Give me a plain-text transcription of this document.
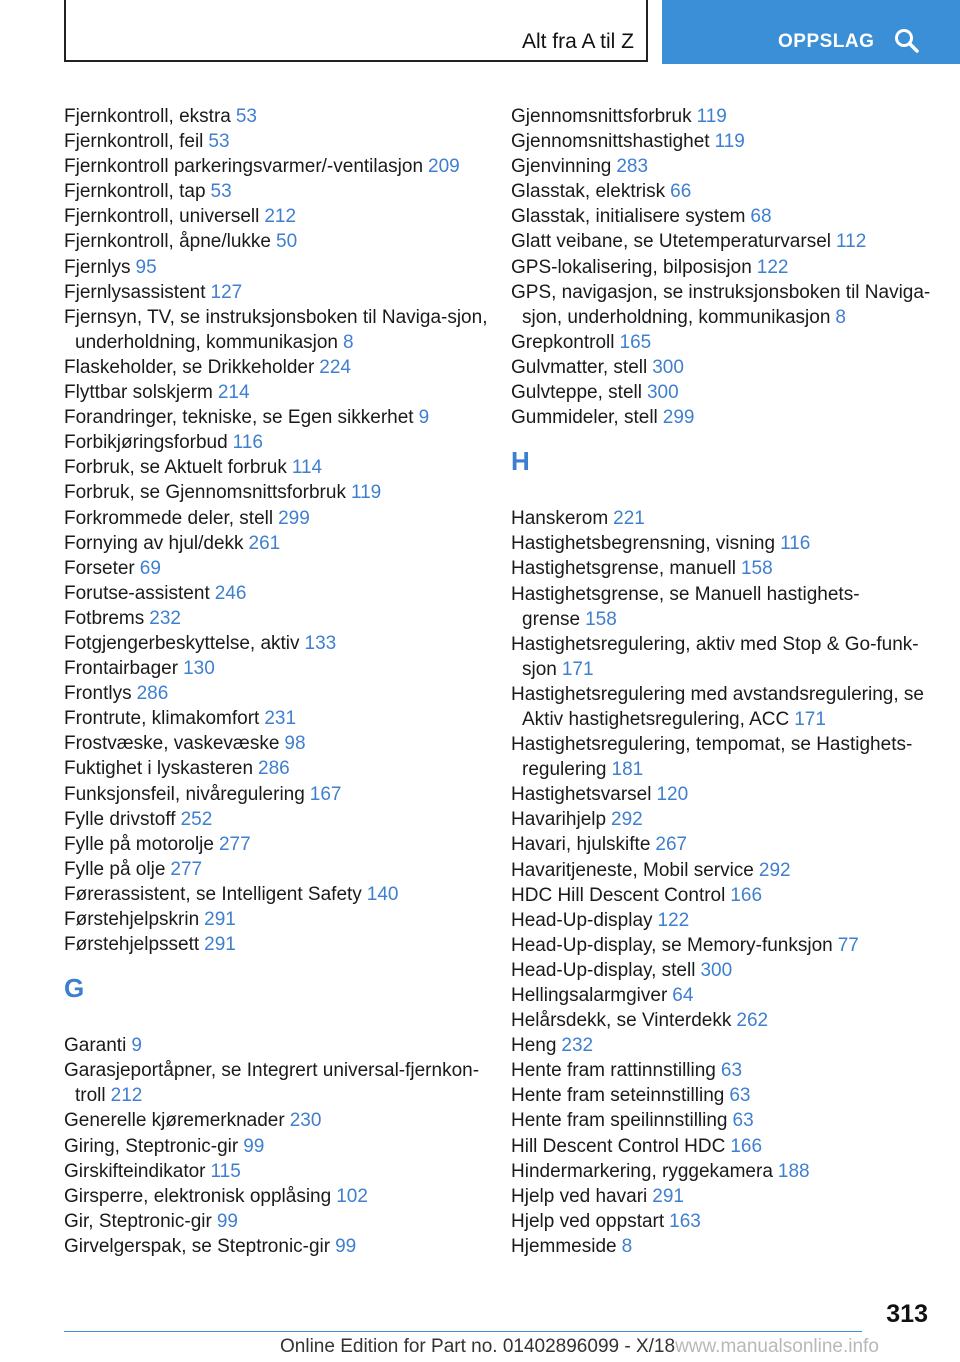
Alt fra A til Z	OPPSLAG
Fjernkontroll, ekstra 53
Fjernkontroll, feil 53
Fjernkontroll parkeringsvarmer/-ventilasjon 209
Fjernkontroll, tap 53
Fjernkontroll, universell 212
Fjernkontroll, åpne/lukke 50
Fjernlys 95
Fjernlysassistent 127
Fjernsyn, TV, se instruksjonsboken til Naviga-sjon, underholdning, kommunikasjon 8
Flaskeholder, se Drikkeholder 224
Flyttbar solskjerm 214
Forandringer, tekniske, se Egen sikkerhet 9
Forbikjøringsforbud 116
Forbruk, se Aktuelt forbruk 114
Forbruk, se Gjennomsnittsforbruk 119
Forkrommede deler, stell 299
Fornying av hjul/dekk 261
Forseter 69
Forutse-assistent 246
Fotbrems 232
Fotgjengerbeskyttelse, aktiv 133
Frontairbager 130
Frontlys 286
Frontrute, klimakomfort 231
Frostvæske, vaskevæske 98
Fuktighet i lyskasteren 286
Funksjonsfeil, nivåregulering 167
Fylle drivstoff 252
Fylle på motorolje 277
Fylle på olje 277
Førerassistent, se Intelligent Safety 140
Førstehjelpskrin 291
Førstehjelpssett 291
G
Garanti 9
Garasjeportåpner, se Integrert universal-fjernkon-troll 212
Generelle kjøremerknader 230
Giring, Steptronic-gir 99
Girskifteindikator 115
Girsperre, elektronisk opplåsing 102
Gir, Steptronic-gir 99
Girvelgerspak, se Steptronic-gir 99
Gjennomsnittsforbruk 119
Gjennomsnittshastighet 119
Gjenvinning 283
Glasstak, elektrisk 66
Glasstak, initialisere system 68
Glatt veibane, se Utetemperaturvarsel 112
GPS-lokalisering, bilposisjon 122
GPS, navigasjon, se instruksjonsboken til Naviga-sjon, underholdning, kommunikasjon 8
Grepkontroll 165
Gulvmatter, stell 300
Gulvteppe, stell 300
Gummideler, stell 299
H
Hanskerom 221
Hastighetsbegrensning, visning 116
Hastighetsgrense, manuell 158
Hastighetsgrense, se Manuell hastighets-grense 158
Hastighetsregulering, aktiv med Stop & Go-funk-sjon 171
Hastighetsregulering med avstandsregulering, se Aktiv hastighetsregulering, ACC 171
Hastighetsregulering, tempomat, se Hastighets-regulering 181
Hastighetsvarsel 120
Havarihjelp 292
Havari, hjulskifte 267
Havaritjeneste, Mobil service 292
HDC Hill Descent Control 166
Head-Up-display 122
Head-Up-display, se Memory-funksjon 77
Head-Up-display, stell 300
Hellingsalarmgiver 64
Helårsdekk, se Vinterdekk 262
Heng 232
Hente fram rattinnstilling 63
Hente fram seteinnstilling 63
Hente fram speilinnstilling 63
Hill Descent Control HDC 166
Hindermarkering, ryggekamera 188
Hjelp ved havari 291
Hjelp ved oppstart 163
Hjemmeside 8
313
Online Edition for Part no. 01402896099 - X/18www.manualsonline.info
